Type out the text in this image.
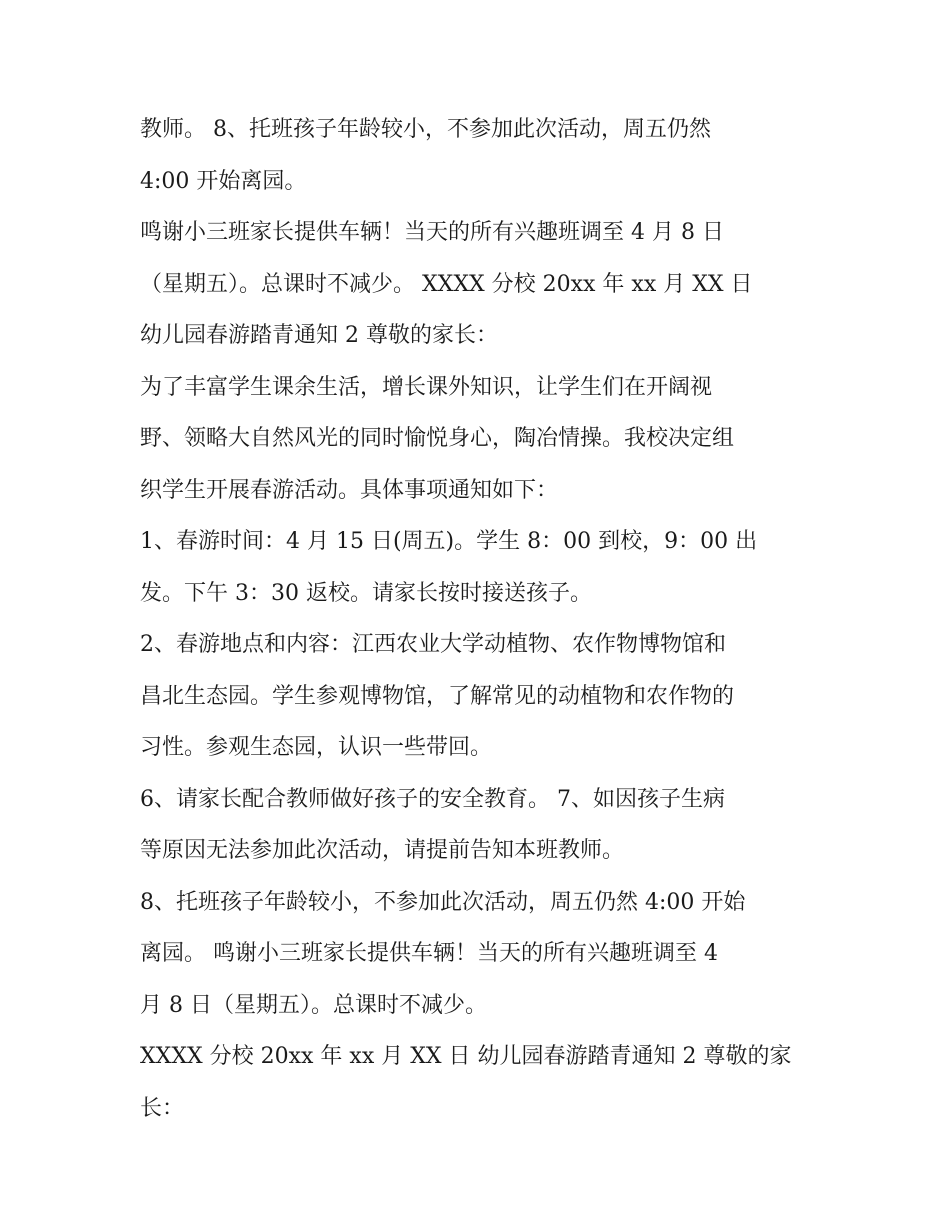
教师。 8、托班孩子年龄较小，不参加此次活动，周五仍然
4:00 开始离园。
鸣谢小三班家长提供车辆！当天的所有兴趣班调至 4 月 8 日
（星期五）。总课时不减少。 XXXX 分校 20xx 年 xx 月 XX 日
幼儿园春游踏青通知 2 尊敬的家长：
为了丰富学生课余生活，增长课外知识，让学生们在开阔视
野、领略大自然风光的同时愉悦身心，陶冶情操。我校决定组
织学生开展春游活动。具体事项通知如下：
1、春游时间：4 月 15 日(周五)。学生 8：00 到校，9：00 出
发。下午 3：30 返校。请家长按时接送孩子。
2、春游地点和内容：江西农业大学动植物、农作物博物馆和
昌北生态园。学生参观博物馆，了解常见的动植物和农作物的
习性。参观生态园，认识一些带回。
6、请家长配合教师做好孩子的安全教育。 7、如因孩子生病
等原因无法参加此次活动，请提前告知本班教师。
8、托班孩子年龄较小，不参加此次活动，周五仍然 4:00 开始
离园。 鸣谢小三班家长提供车辆！当天的所有兴趣班调至 4
月 8 日（星期五）。总课时不减少。
XXXX 分校 20xx 年 xx 月 XX 日 幼儿园春游踏青通知 2 尊敬的家
长：
